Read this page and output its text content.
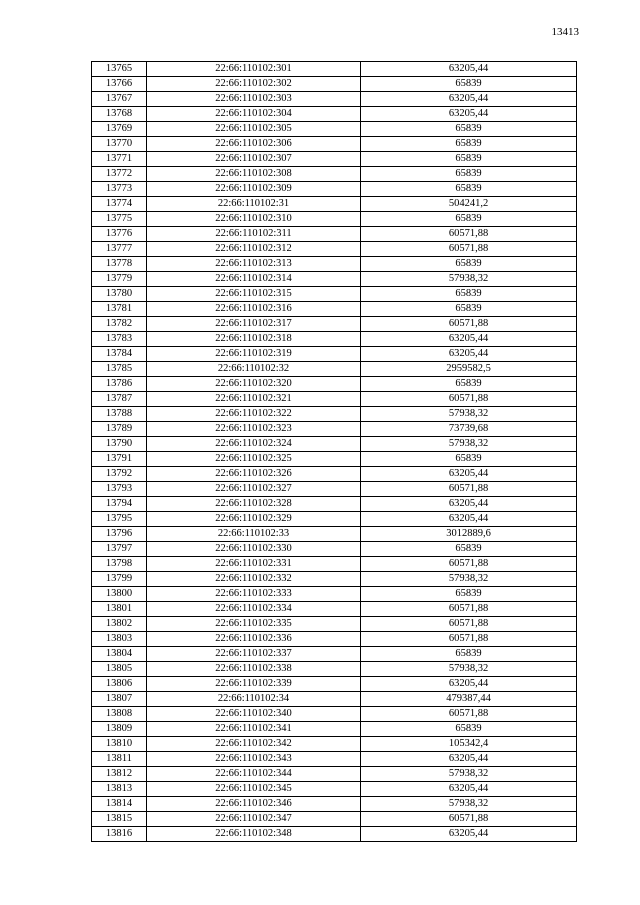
13413
13765	22:66:110102:301	63205,44
13766	22:66:110102:302	65839
13767	22:66:110102:303	63205,44
13768	22:66:110102:304	63205,44
13769	22:66:110102:305	65839
13770	22:66:110102:306	65839
13771	22:66:110102:307	65839
13772	22:66:110102:308	65839
13773	22:66:110102:309	65839
13774	22:66:110102:31	504241,2
13775	22:66:110102:310	65839
13776	22:66:110102:311	60571,88
13777	22:66:110102:312	60571,88
13778	22:66:110102:313	65839
13779	22:66:110102:314	57938,32
13780	22:66:110102:315	65839
13781	22:66:110102:316	65839
13782	22:66:110102:317	60571,88
13783	22:66:110102:318	63205,44
13784	22:66:110102:319	63205,44
13785	22:66:110102:32	2959582,5
13786	22:66:110102:320	65839
13787	22:66:110102:321	60571,88
13788	22:66:110102:322	57938,32
13789	22:66:110102:323	73739,68
13790	22:66:110102:324	57938,32
13791	22:66:110102:325	65839
13792	22:66:110102:326	63205,44
13793	22:66:110102:327	60571,88
13794	22:66:110102:328	63205,44
13795	22:66:110102:329	63205,44
13796	22:66:110102:33	3012889,6
13797	22:66:110102:330	65839
13798	22:66:110102:331	60571,88
13799	22:66:110102:332	57938,32
13800	22:66:110102:333	65839
13801	22:66:110102:334	60571,88
13802	22:66:110102:335	60571,88
13803	22:66:110102:336	60571,88
13804	22:66:110102:337	65839
13805	22:66:110102:338	57938,32
13806	22:66:110102:339	63205,44
13807	22:66:110102:34	479387,44
13808	22:66:110102:340	60571,88
13809	22:66:110102:341	65839
13810	22:66:110102:342	105342,4
13811	22:66:110102:343	63205,44
13812	22:66:110102:344	57938,32
13813	22:66:110102:345	63205,44
13814	22:66:110102:346	57938,32
13815	22:66:110102:347	60571,88
13816	22:66:110102:348	63205,44
